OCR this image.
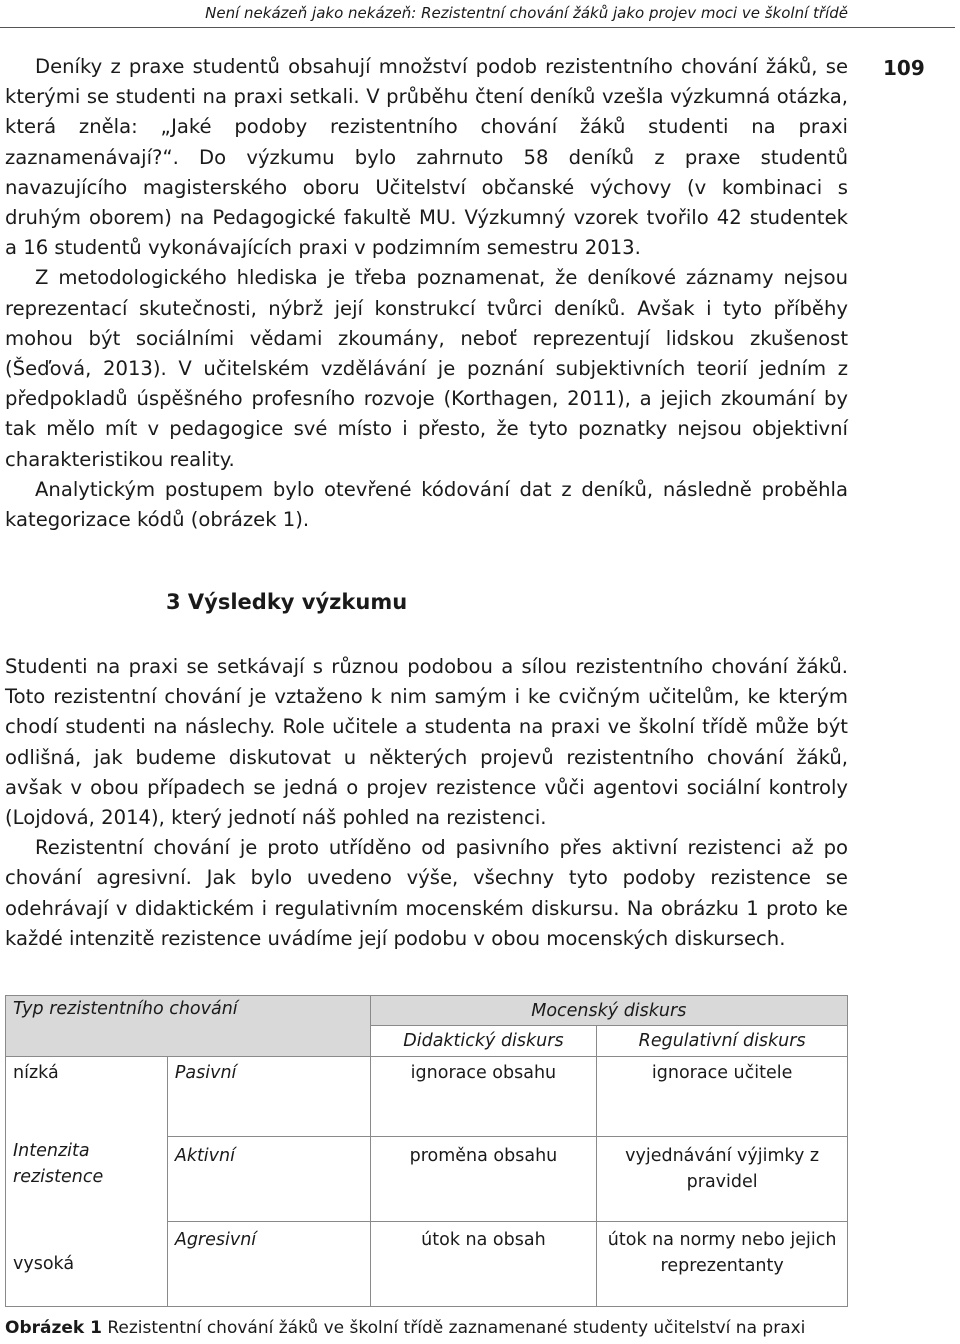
Není nekázeň jako nekázeň: Rezistentní chování žáků jako projev moci ve školní třídě
109

Deníky z praxe studentů obsahují množství podob rezistentního chování žáků, se kterými se studenti na praxi setkali. V průběhu čtení deníků vzešla výzkumná otázka, která zněla: „Jaké podoby rezistentního chování žáků studenti na praxi zaznamenávají?“. Do výzkumu bylo zahrnuto 58 deníků z praxe studentů navazujícího magisterského oboru Učitelství občanské výchovy (v kombinaci s druhým oborem) na Pedagogické fakultě MU. Výzkumný vzorek tvořilo 42 studentek a 16 studentů vykonávajících praxi v podzimním semestru 2013.

Z metodologického hlediska je třeba poznamenat, že deníkové záznamy nejsou reprezentací skutečnosti, nýbrž její konstrukcí tvůrci deníků. Avšak i tyto příběhy mohou být sociálními vědami zkoumány, neboť reprezentují lidskou zkušenost (Šeďová, 2013). V učitelském vzdělávání je poznání subjektivních teorií jedním z předpokladů úspěšného profesního rozvoje (Korthagen, 2011), a jejich zkoumání by tak mělo mít v pedagogice své místo i přesto, že tyto poznatky nejsou objektivní charakteristikou reality.

Analytickým postupem bylo otevřené kódování dat z deníků, následně proběhla kategorizace kódů (obrázek 1).

3 Výsledky výzkumu

Studenti na praxi se setkávají s různou podobou a sílou rezistentního chování žáků. Toto rezistentní chování je vztaženo k nim samým i ke cvičným učitelům, ke kterým chodí studenti na náslechy. Role učitele a studenta na praxi ve školní třídě může být odlišná, jak budeme diskutovat u některých projevů rezistentního chování žáků, avšak v obou případech se jedná o projev rezistence vůči agentovi sociální kontroly (Lojdová, 2014), který jednotí náš pohled na rezistenci.

Rezistentní chování je proto utříděno od pasivního přes aktivní rezistenci až po chování agresivní. Jak bylo uvedeno výše, všechny tyto podoby rezistence se odehrávají v didaktickém i regulativním mocenském diskursu. Na obrázku 1 proto ke každé intenzitě rezistence uvádíme její podobu v obou mocenských diskursech.

Typ rezistentního chování		Mocenský diskurs	
		Didaktický diskurs	Regulativní diskurs
nízká	Pasivní	ignorace obsahu	ignorace učitele
Intenzita rezistence	Aktivní	proměna obsahu	vyjednávání výjimky z pravidel
vysoká	Agresivní	útok na obsah	útok na normy nebo jejich reprezentanty

Obrázek 1 Rezistentní chování žáků ve školní třídě zaznamenané studenty učitelství na praxi
